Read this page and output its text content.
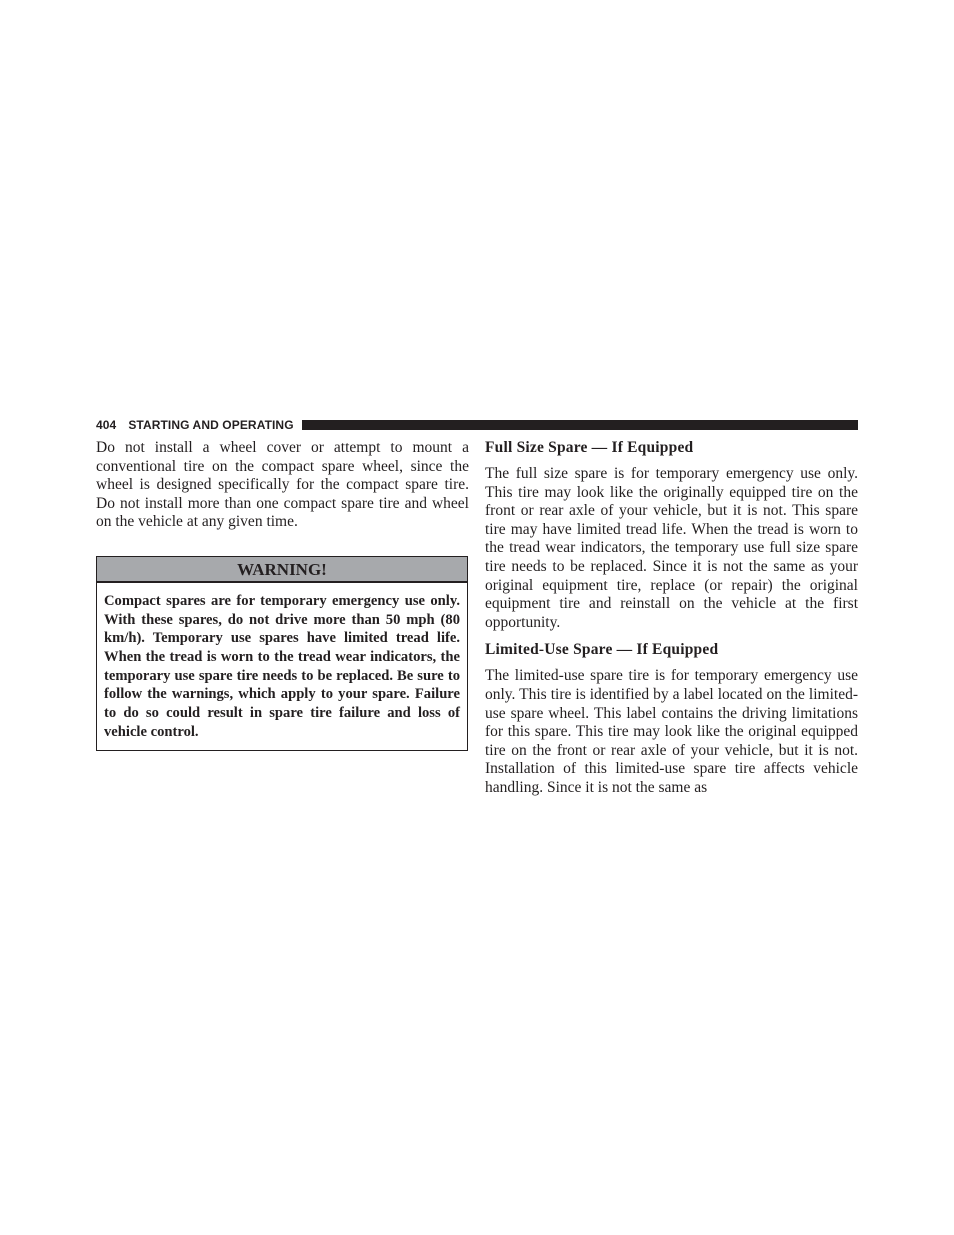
404 STARTING AND OPERATING

Do not install a wheel cover or attempt to mount a conventional tire on the compact spare wheel, since the wheel is designed specifically for the compact spare tire. Do not install more than one compact spare tire and wheel on the vehicle at any given time.

WARNING!

Compact spares are for temporary emergency use only. With these spares, do not drive more than 50 mph (80 km/h). Temporary use spares have limited tread life. When the tread is worn to the tread wear indicators, the temporary use spare tire needs to be replaced. Be sure to follow the warnings, which apply to your spare. Failure to do so could result in spare tire failure and loss of vehicle control.

Full Size Spare — If Equipped

The full size spare is for temporary emergency use only. This tire may look like the originally equipped tire on the front or rear axle of your vehicle, but it is not. This spare tire may have limited tread life. When the tread is worn to the tread wear indicators, the temporary use full size spare tire needs to be replaced. Since it is not the same as your original equipment tire, replace (or repair) the original equipment tire and reinstall on the vehicle at the first opportunity.

Limited-Use Spare — If Equipped

The limited-use spare tire is for temporary emergency use only. This tire is identified by a label located on the limited-use spare wheel. This label contains the driving limitations for this spare. This tire may look like the original equipped tire on the front or rear axle of your vehicle, but it is not. Installation of this limited-use spare tire affects vehicle handling. Since it is not the same as
